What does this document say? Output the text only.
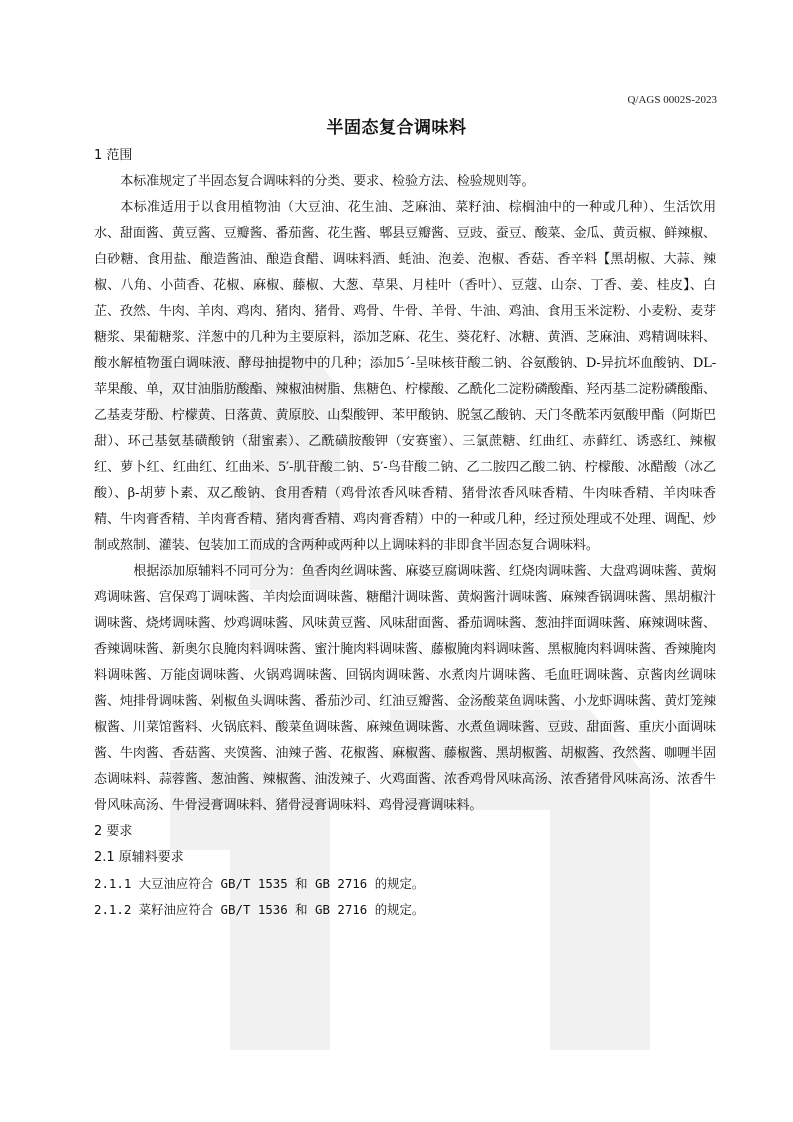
Q/AGS 0002S-2023
半固态复合调味料

1 范围

本标准规定了半固态复合调味料的分类、要求、检验方法、检验规则等。

本标准适用于以食用植物油（大豆油、花生油、芝麻油、菜籽油、棕榈油中的一种或几种）、生活饮用水、甜面酱、黄豆酱、豆瓣酱、番茄酱、花生酱、郫县豆瓣酱、豆豉、蚕豆、酸菜、金瓜、黄贡椒、鲜辣椒、白砂糖、食用盐、酿造酱油、酿造食醋、调味料酒、蚝油、泡姜、泡椒、香菇、香辛料【黑胡椒、大蒜、辣椒、八角、小茴香、花椒、麻椒、藤椒、大葱、草果、月桂叶（香叶）、豆蔻、山奈、丁香、姜、桂皮】、白芷、孜然、牛肉、羊肉、鸡肉、猪肉、猪骨、鸡骨、牛骨、羊骨、牛油、鸡油、食用玉米淀粉、小麦粉、麦芽糖浆、果葡糖浆、洋葱中的几种为主要原料，添加芝麻、花生、葵花籽、冰糖、黄酒、芝麻油、鸡精调味料、酸水解植物蛋白调味液、酵母抽提物中的几种；添加5´-呈味核苷酸二钠、谷氨酸钠、D-异抗坏血酸钠、DL-苹果酸、单，双甘油脂肪酸酯、辣椒油树脂、焦糖色、柠檬酸、乙酰化二淀粉磷酸酯、羟丙基二淀粉磷酸酯、乙基麦芽酚、柠檬黄、日落黄、黄原胶、山梨酸钾、苯甲酸钠、脱氢乙酸钠、天门冬酰苯丙氨酸甲酯（阿斯巴甜）、环己基氨基磺酸钠（甜蜜素）、乙酰磺胺酸钾（安赛蜜）、三氯蔗糖、红曲红、赤藓红、诱惑红、辣椒红、萝卜红、红曲红、红曲米、5′-肌苷酸二钠、5′-鸟苷酸二钠、乙二胺四乙酸二钠、柠檬酸、冰醋酸（冰乙酸）、β-胡萝卜素、双乙酸钠、食用香精（鸡骨浓香风味香精、猪骨浓香风味香精、牛肉味香精、羊肉味香精、牛肉膏香精、羊肉膏香精、猪肉膏香精、鸡肉膏香精）中的一种或几种，经过预处理或不处理、调配、炒制或熬制、灌装、包装加工而成的含两种或两种以上调味料的非即食半固态复合调味料。

根据添加原辅料不同可分为：鱼香肉丝调味酱、麻婆豆腐调味酱、红烧肉调味酱、大盘鸡调味酱、黄焖鸡调味酱、宫保鸡丁调味酱、羊肉烩面调味酱、糖醋汁调味酱、黄焖酱汁调味酱、麻辣香锅调味酱、黑胡椒汁调味酱、烧烤调味酱、炒鸡调味酱、风味黄豆酱、风味甜面酱、番茄调味酱、葱油拌面调味酱、麻辣调味酱、香辣调味酱、新奥尔良腌肉料调味酱、蜜汁腌肉料调味酱、藤椒腌肉料调味酱、黑椒腌肉料调味酱、香辣腌肉料调味酱、万能卤调味酱、火锅鸡调味酱、回锅肉调味酱、水煮肉片调味酱、毛血旺调味酱、京酱肉丝调味酱、炖排骨调味酱、剁椒鱼头调味酱、番茄沙司、红油豆瓣酱、金汤酸菜鱼调味酱、小龙虾调味酱、黄灯笼辣椒酱、川菜馆酱料、火锅底料、酸菜鱼调味酱、麻辣鱼调味酱、水煮鱼调味酱、豆豉、甜面酱、重庆小面调味酱、牛肉酱、香菇酱、夹馍酱、油辣子酱、花椒酱、麻椒酱、藤椒酱、黑胡椒酱、胡椒酱、孜然酱、咖喱半固态调味料、蒜蓉酱、葱油酱、辣椒酱、油泼辣子、火鸡面酱、浓香鸡骨风味高汤、浓香猪骨风味高汤、浓香牛骨风味高汤、牛骨浸膏调味料、猪骨浸膏调味料、鸡骨浸膏调味料。

2 要求

2.1 原辅料要求

2.1.1 大豆油应符合 GB/T 1535 和 GB 2716 的规定。

2.1.2 菜籽油应符合 GB/T 1536 和 GB 2716 的规定。
